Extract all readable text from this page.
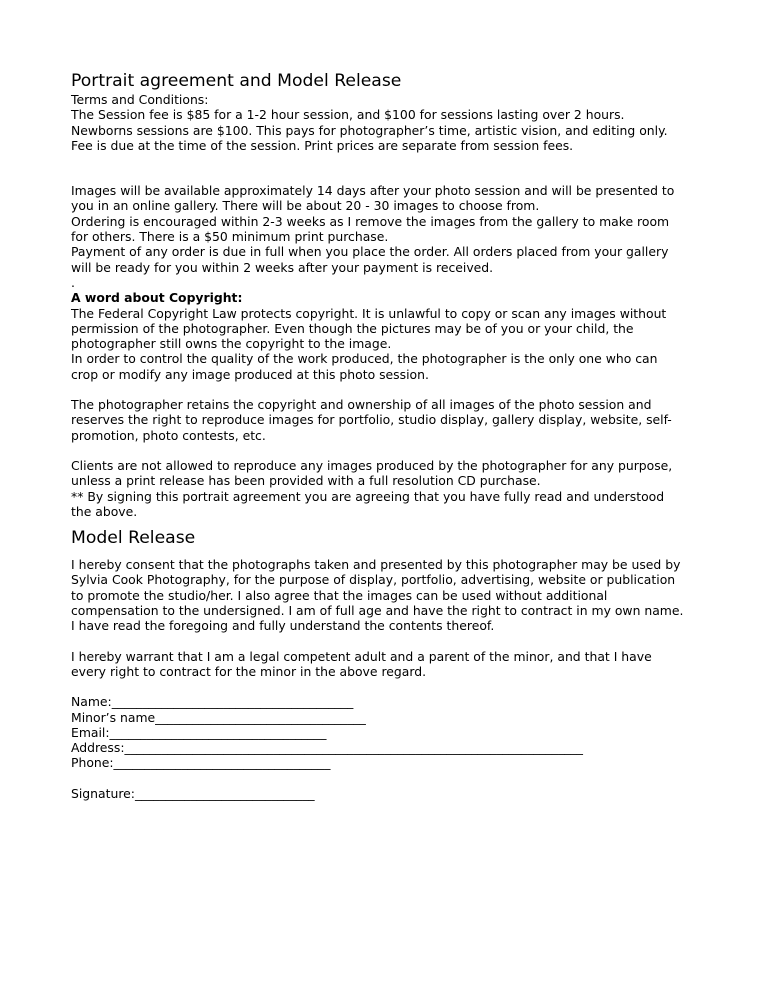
Portrait agreement and Model Release

Terms and Conditions:

The Session fee is $85 for a 1-2 hour session, and $100 for sessions lasting over 2 hours.
Newborns sessions are $100. This pays for photographer’s time, artistic vision, and editing only.
Fee is due at the time of the session. Print prices are separate from session fees.

Images will be available approximately 14 days after your photo session and will be presented to
you in an online gallery. There will be about 20 - 30 images to choose from.
Ordering is encouraged within 2-3 weeks as I remove the images from the gallery to make room
for others. There is a $50 minimum print purchase.
Payment of any order is due in full when you place the order. All orders placed from your gallery
will be ready for you within 2 weeks after your payment is received.
.

A word about Copyright:

The Federal Copyright Law protects copyright. It is unlawful to copy or scan any images without
permission of the photographer. Even though the pictures may be of you or your child, the
photographer still owns the copyright to the image.
In order to control the quality of the work produced, the photographer is the only one who can
crop or modify any image produced at this photo session.

The photographer retains the copyright and ownership of all images of the photo session and
reserves the right to reproduce images for portfolio, studio display, gallery display, website, self-
promotion, photo contests, etc.

Clients are not allowed to reproduce any images produced by the photographer for any purpose,
unless a print release has been provided with a full resolution CD purchase.
** By signing this portrait agreement you are agreeing that you have fully read and understood
the above.

Model Release

I hereby consent that the photographs taken and presented by this photographer may be used by
Sylvia Cook Photography, for the purpose of display, portfolio, advertising, website or publication
to promote the studio/her. I also agree that the images can be used without additional
compensation to the undersigned. I am of full age and have the right to contract in my own name.
I have read the foregoing and fully understand the contents thereof.

I hereby warrant that I am a legal competent adult and a parent of the minor, and that I have
every right to contract for the minor in the above regard.

Name:_______________________________________

Minor’s name__________________________________

Email:___________________________________

Address:__________________________________________________________________________

Phone:___________________________________

Signature:_____________________________
